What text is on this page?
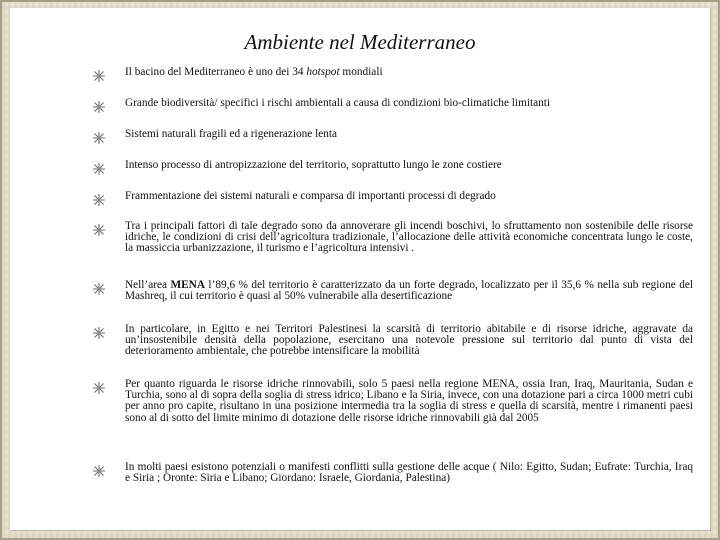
Ambiente nel Mediterraneo

Il bacino del Mediterraneo è uno dei 34 hotspot mondiali

Grande biodiversità/ specifici i rischi ambientali a causa di condizioni bio-climatiche limitanti

Sistemi naturali fragili ed a rigenerazione lenta

Intenso processo di antropizzazione del territorio, soprattutto lungo le zone costiere

Frammentazione dei sistemi naturali e comparsa di importanti processi di degrado

Tra i principali fattori di tale degrado sono da annoverare gli incendi boschivi, lo sfruttamento non sostenibile delle risorse idriche, le condizioni di crisi dell’agricoltura tradizionale, l’allocazione delle attività economiche concentrata lungo le coste, la massiccia urbanizzazione, il turismo e l’agricoltura intensivi .

Nell’area MENA l’89,6 % del territorio è caratterizzato da un forte degrado, localizzato per il 35,6 % nella sub regione del Mashreq, il cui territorio è quasi al 50% vulnerabile alla desertificazione

In particolare, in Egitto e nei Territori Palestinesi la scarsità di territorio abitabile e di risorse idriche, aggravate da un’insostenibile densità della popolazione, esercitano una notevole pressione sul territorio dal punto di vista del deterioramento ambientale, che potrebbe intensificare la mobilità

Per quanto riguarda le risorse idriche rinnovabili, solo 5 paesi nella regione MENA, ossia Iran, Iraq, Mauritania, Sudan e Turchia, sono al di sopra della soglia di stress idrico; Libano e la Siria, invece, con una dotazione pari a circa 1000 metri cubi per anno pro capite, risultano in una posizione intermedia tra la soglia di stress e quella di scarsità, mentre i rimanenti paesi sono al di sotto del limite minimo di dotazione delle risorse idriche rinnovabili già dal 2005

In molti paesi esistono potenziali o manifesti conflitti sulla gestione delle acque ( Nilo: Egitto, Sudan; Eufrate: Turchia, Iraq e Siria ; Oronte: Siria e Libano; Giordano: Israele, Giordania, Palestina)
